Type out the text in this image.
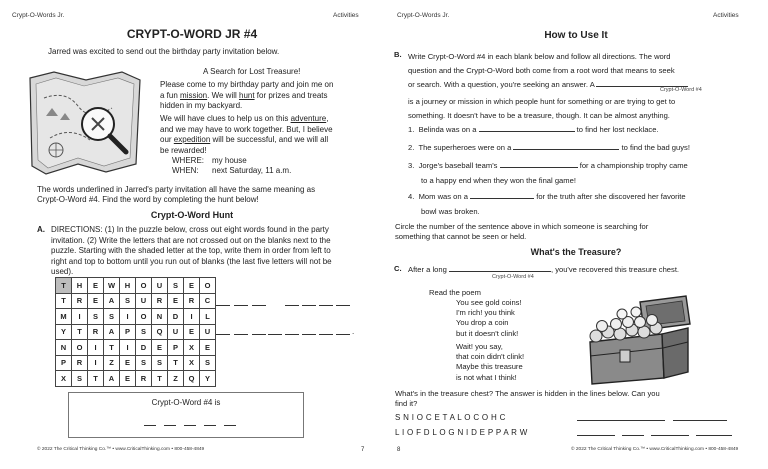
Crypt-O-Words Jr.	Activities
CRYPT-O-WORD JR #4
Jarred was excited to send out the birthday party invitation below.
A Search for Lost Treasure!
Please come to my birthday party and join me on
a fun mission. We will hunt for prizes and treats
hidden in my backyard.
We will have clues to help us on this adventure,
and we may have to work together. But, I believe
our expedition will be successful, and we will all
be rewarded!
WHERE: my house
WHEN: next Saturday, 11 a.m.
The words underlined in Jarred's party invitation all have the same meaning as
Crypt-O-Word #4. Find the word by completing the hunt below!
Crypt-O-Word Hunt
A. DIRECTIONS: (1) In the puzzle below, cross out eight words found in the party
invitation. (2) Write the letters that are not crossed out on the blanks next to the
puzzle. Starting with the shaded letter at the top, write them in order from left to
right and top to bottom until you run out of blanks (the last five letters will not be
used).
T	H	E	W	H	O	U	S	E	O
T	R	E	A	S	U	R	E	R	C
M	I	S	S	I	O	N	D	I	L
Y	T	R	A	P	S	Q	U	E	U
N	O	I	T	I	D	E	P	X	E
P	R	I	Z	E	S	S	T	X	S
X	S	T	A	E	R	T	Z	Q	Y
.
Crypt-O-Word #4 is
© 2022 The Critical Thinking Co.™ • www.CriticalThinking.com • 800-458-4849	7
Crypt-O-Words Jr.	Activities
How to Use It
B. Write Crypt-O-Word #4 in each blank below and follow all directions. The word
question and the Crypt-O-Word both come from a root word that means to seek
or search. With a question, you're seeking an answer. A
Crypt-O-Word #4
is a journey or mission in which people hunt for something or are trying to get to
something. It doesn't have to be a treasure, though. It can be almost anything.
1. Belinda was on a	to find her lost necklace.
2. The superheroes were on a	to find the bad guys!
3. Jorge's baseball team's	for a championship trophy came
to a happy end when they won the final game!
4. Mom was on a	for the truth after she discovered her favorite
bowl was broken.
Circle the number of the sentence above in which someone is searching for
something that cannot be seen or held.
What's the Treasure?
C. After a long	, you've recovered this treasure chest.
Crypt-O-Word #4
Read the poem
You see gold coins!
I'm rich! you think
You drop a coin
but it doesn't clink!
Wait! you say,
that coin didn't clink!
Maybe this treasure
is not what I think!
What's in the treasure chest? The answer is hidden in the lines below. Can you
find it?
S N I O C E T A L O C O H C
L I O F D L O G N I D E P P A R W
8	© 2022 The Critical Thinking Co.™ • www.CriticalThinking.com • 800-458-4849
